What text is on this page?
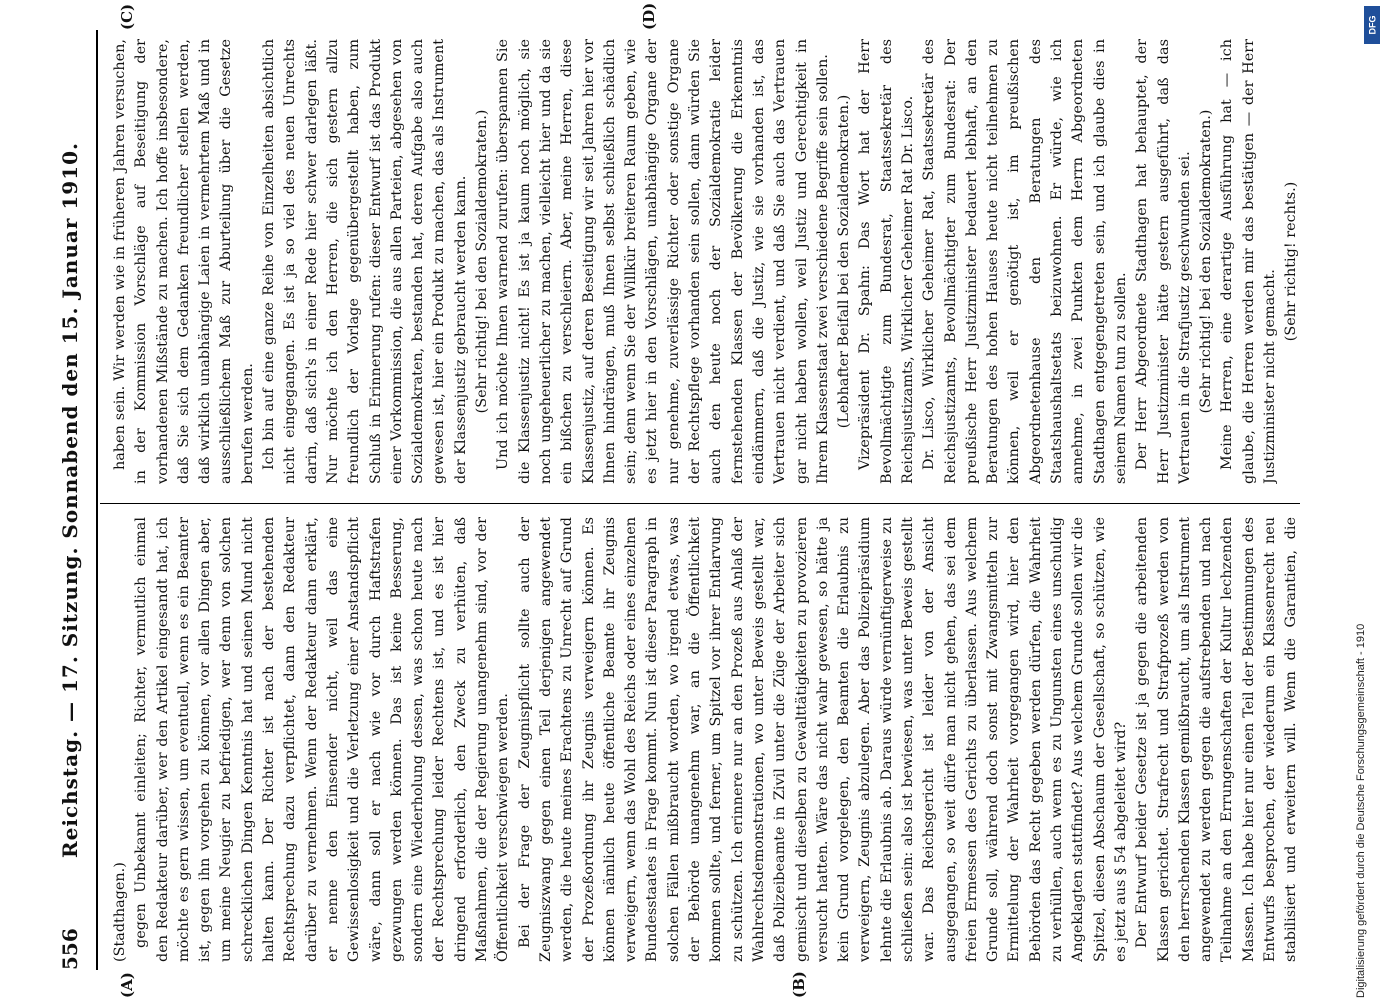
556
Reichstag. — 17. Sitzung. Sonnabend den 15. Januar 1910.
(A)	(B)
(C)	(D)

(Stadthagen.) gegen Unbekannt einleiten; Richter, vermutlich einmal den Redakteur darüber, wer den Artikel eingesandt hat, ich möchte es gern wissen, um eventuell, wenn es ein Beamter ist, gegen ihn vorgehen zu können, vor allen Dingen aber, um meine Neugier zu befriedigen, wer denn von solchen schrecklichen Dingen Kenntnis hat und seinen Mund nicht halten kann. Der Richter ist nach der bestehenden Rechtsprechung dazu verpflichtet, dann den Redakteur darüber zu vernehmen. Wenn der Redakteur dann erklärt, er nenne den Einsender nicht, weil das eine Gewissenlosigkeit und die Verletzung einer Anstandspflicht wäre, dann soll er nach wie vor durch Haftstrafen gezwungen werden können. Das ist keine Besserung, sondern eine Wiederholung dessen, was schon heute nach der Rechtsprechung leider Rechtens ist, und es ist hier dringend erforderlich, den Zweck zu verhüten, daß Maßnahmen, die der Regierung unangenehm sind, vor der Öffentlichkeit verschwiegen werden. Bei der Frage der Zeugnispflicht sollte auch der Zeugniszwang gegen einen Teil derjenigen angewendet werden, die heute meines Erachtens zu Unrecht auf Grund der Prozeßordnung ihr Zeugnis verweigern können. Es können nämlich heute öffentliche Beamte ihr Zeugnis verweigern, wenn das Wohl des Reichs oder eines einzelnen Bundesstaates in Frage kommt. Nun ist dieser Paragraph in solchen Fällen mißbraucht worden, wo irgend etwas, was der Behörde unangenehm war, an die Öffentlichkeit kommen sollte, und ferner, um Spitzel vor ihrer Entlarvung zu schützen. Ich erinnere nur an den Prozeß aus Anlaß der Wahlrechtsdemonstrationen, wo unter Beweis gestellt war, daß Polizeibeamte in Zivil unter die Züge der Arbeiter sich gemischt und dieselben zu Gewalttätigkeiten zu provozieren versucht hatten. Wäre das nicht wahr gewesen, so hätte ja kein Grund vorgelegen, den Beamten die Erlaubnis zu verweigern, Zeugnis abzulegen. Aber das Polizeipräsidium lehnte die Erlaubnis ab. Daraus würde vernünftigerweise zu schließen sein: also ist bewiesen, was unter Beweis gestellt war. Das Reichsgericht ist leider von der Ansicht ausgegangen, so weit dürfe man nicht gehen, das sei dem freien Ermessen des Gerichts zu überlassen. Aus welchem Grunde soll, während doch sonst mit Zwangsmitteln zur Ermittelung der Wahrheit vorgegangen wird, hier den Behörden das Recht gegeben werden dürfen, die Wahrheit zu verhüllen, auch wenn es zu Ungunsten eines unschuldig Angeklagten stattfindet? Aus welchem Grunde sollen wir die Spitzel, diesen Abschaum der Gesellschaft, so schützen, wie es jetzt aus § 54 abgeleitet wird? Der Entwurf beider Gesetze ist ja gegen die arbeitenden Klassen gerichtet. Strafrecht und Strafprozeß werden von den herrschenden Klassen gemißbraucht, um als Instrument angewendet zu werden gegen die aufstrebenden und nach Teilnahme an den Errungenschaften der Kultur lechzenden Massen. Ich habe hier nur einen Teil der Bestimmungen des Entwurfs besprochen, der wiederum ein Klassenrecht neu stabilisiert und erweitern will. Wenn die Garantien, die

haben sein. Wir werden wie in früheren Jahren versuchen, in der Kommission Vorschläge auf Beseitigung der vorhandenen Mißstände zu machen. Ich hoffe insbesondere, daß Sie sich dem Gedanken freundlicher stellen werden, daß wirklich unabhängige Laien in vermehrtem Maß und in ausschließlichem Maß zur Aburteilung über die Gesetze berufen werden. Ich bin auf eine ganze Reihe von Einzelheiten absichtlich nicht eingegangen. Es ist ja so viel des neuen Unrechts darin, daß sich's in einer Rede hier schwer darlegen läßt. Nur möchte ich den Herren, die sich gestern allzu freundlich der Vorlage gegenübergestellt haben, zum Schluß in Erinnerung rufen: dieser Entwurf ist das Produkt einer Vorkommission, die aus allen Parteien, abgesehen von Sozialdemokraten, bestanden hat, deren Aufgabe also auch gewesen ist, hier ein Produkt zu machen, das als Instrument der Klassenjustiz gebraucht werden kann. (Sehr richtig! bei den Sozialdemokraten.) Und ich möchte Ihnen warnend zurufen: überspannen Sie die Klassenjustiz nicht! Es ist ja kaum noch möglich, sie noch ungeheuerlicher zu machen, vielleicht hier und da sie ein bißchen zu verschleiern. Aber, meine Herren, diese Klassenjustiz, auf deren Beseitigung wir seit Jahren hier vor Ihnen hindrängen, muß Ihnen selbst schließlich schädlich sein; denn wenn Sie der Willkür breiteren Raum geben, wie es jetzt hier in den Vorschlägen, unabhängige Organe der nur genehme, zuverlässige Richter oder sonstige Organe der Rechtspflege vorhanden sein sollen, dann würden Sie auch den heute noch der Sozialdemokratie leider fernstehenden Klassen der Bevölkerung die Erkenntnis eindämmern, daß die Justiz, wie sie vorhanden ist, das Vertrauen nicht verdient, und daß Sie auch das Vertrauen gar nicht haben wollen, weil Justiz und Gerechtigkeit in Ihrem Klassenstaat zwei verschiedene Begriffe sein sollen. (Lebhafter Beifall bei den Sozialdemokraten.) Vizepräsident Dr. Spahn: Das Wort hat der Herr Bevollmächtigte zum Bundesrat, Staatssekretär des Reichsjustizamts, Wirklicher Geheimer Rat Dr. Lisco. Dr. Lisco, Wirklicher Geheimer Rat, Staatssekretär des Reichsjustizamts, Bevollmächtigter zum Bundesrat: Der preußische Herr Justizminister bedauert lebhaft, an den Beratungen des hohen Hauses heute nicht teilnehmen zu können, weil er genötigt ist, im preußischen Abgeordnetenhause den Beratungen des Staatshaushaltsetats beizuwohnen. Er würde, wie ich annehme, in zwei Punkten dem Herrn Abgeordneten Stadthagen entgegengetreten sein, und ich glaube dies in seinem Namen tun zu sollen. Der Herr Abgeordnete Stadthagen hat behauptet, der Herr Justizminister hätte gestern ausgeführt, daß das Vertrauen in die Strafjustiz geschwunden sei. (Sehr richtig! bei den Sozialdemokraten.) Meine Herren, eine derartige Ausführung hat — ich glaube, die Herren werden mir das bestätigen — der Herr Justizminister nicht gemacht.

(Sehr richtig! rechts.)

Digitalisierung gefördert durch die Deutsche Forschungsgemeinschaft - 1910
DFG
